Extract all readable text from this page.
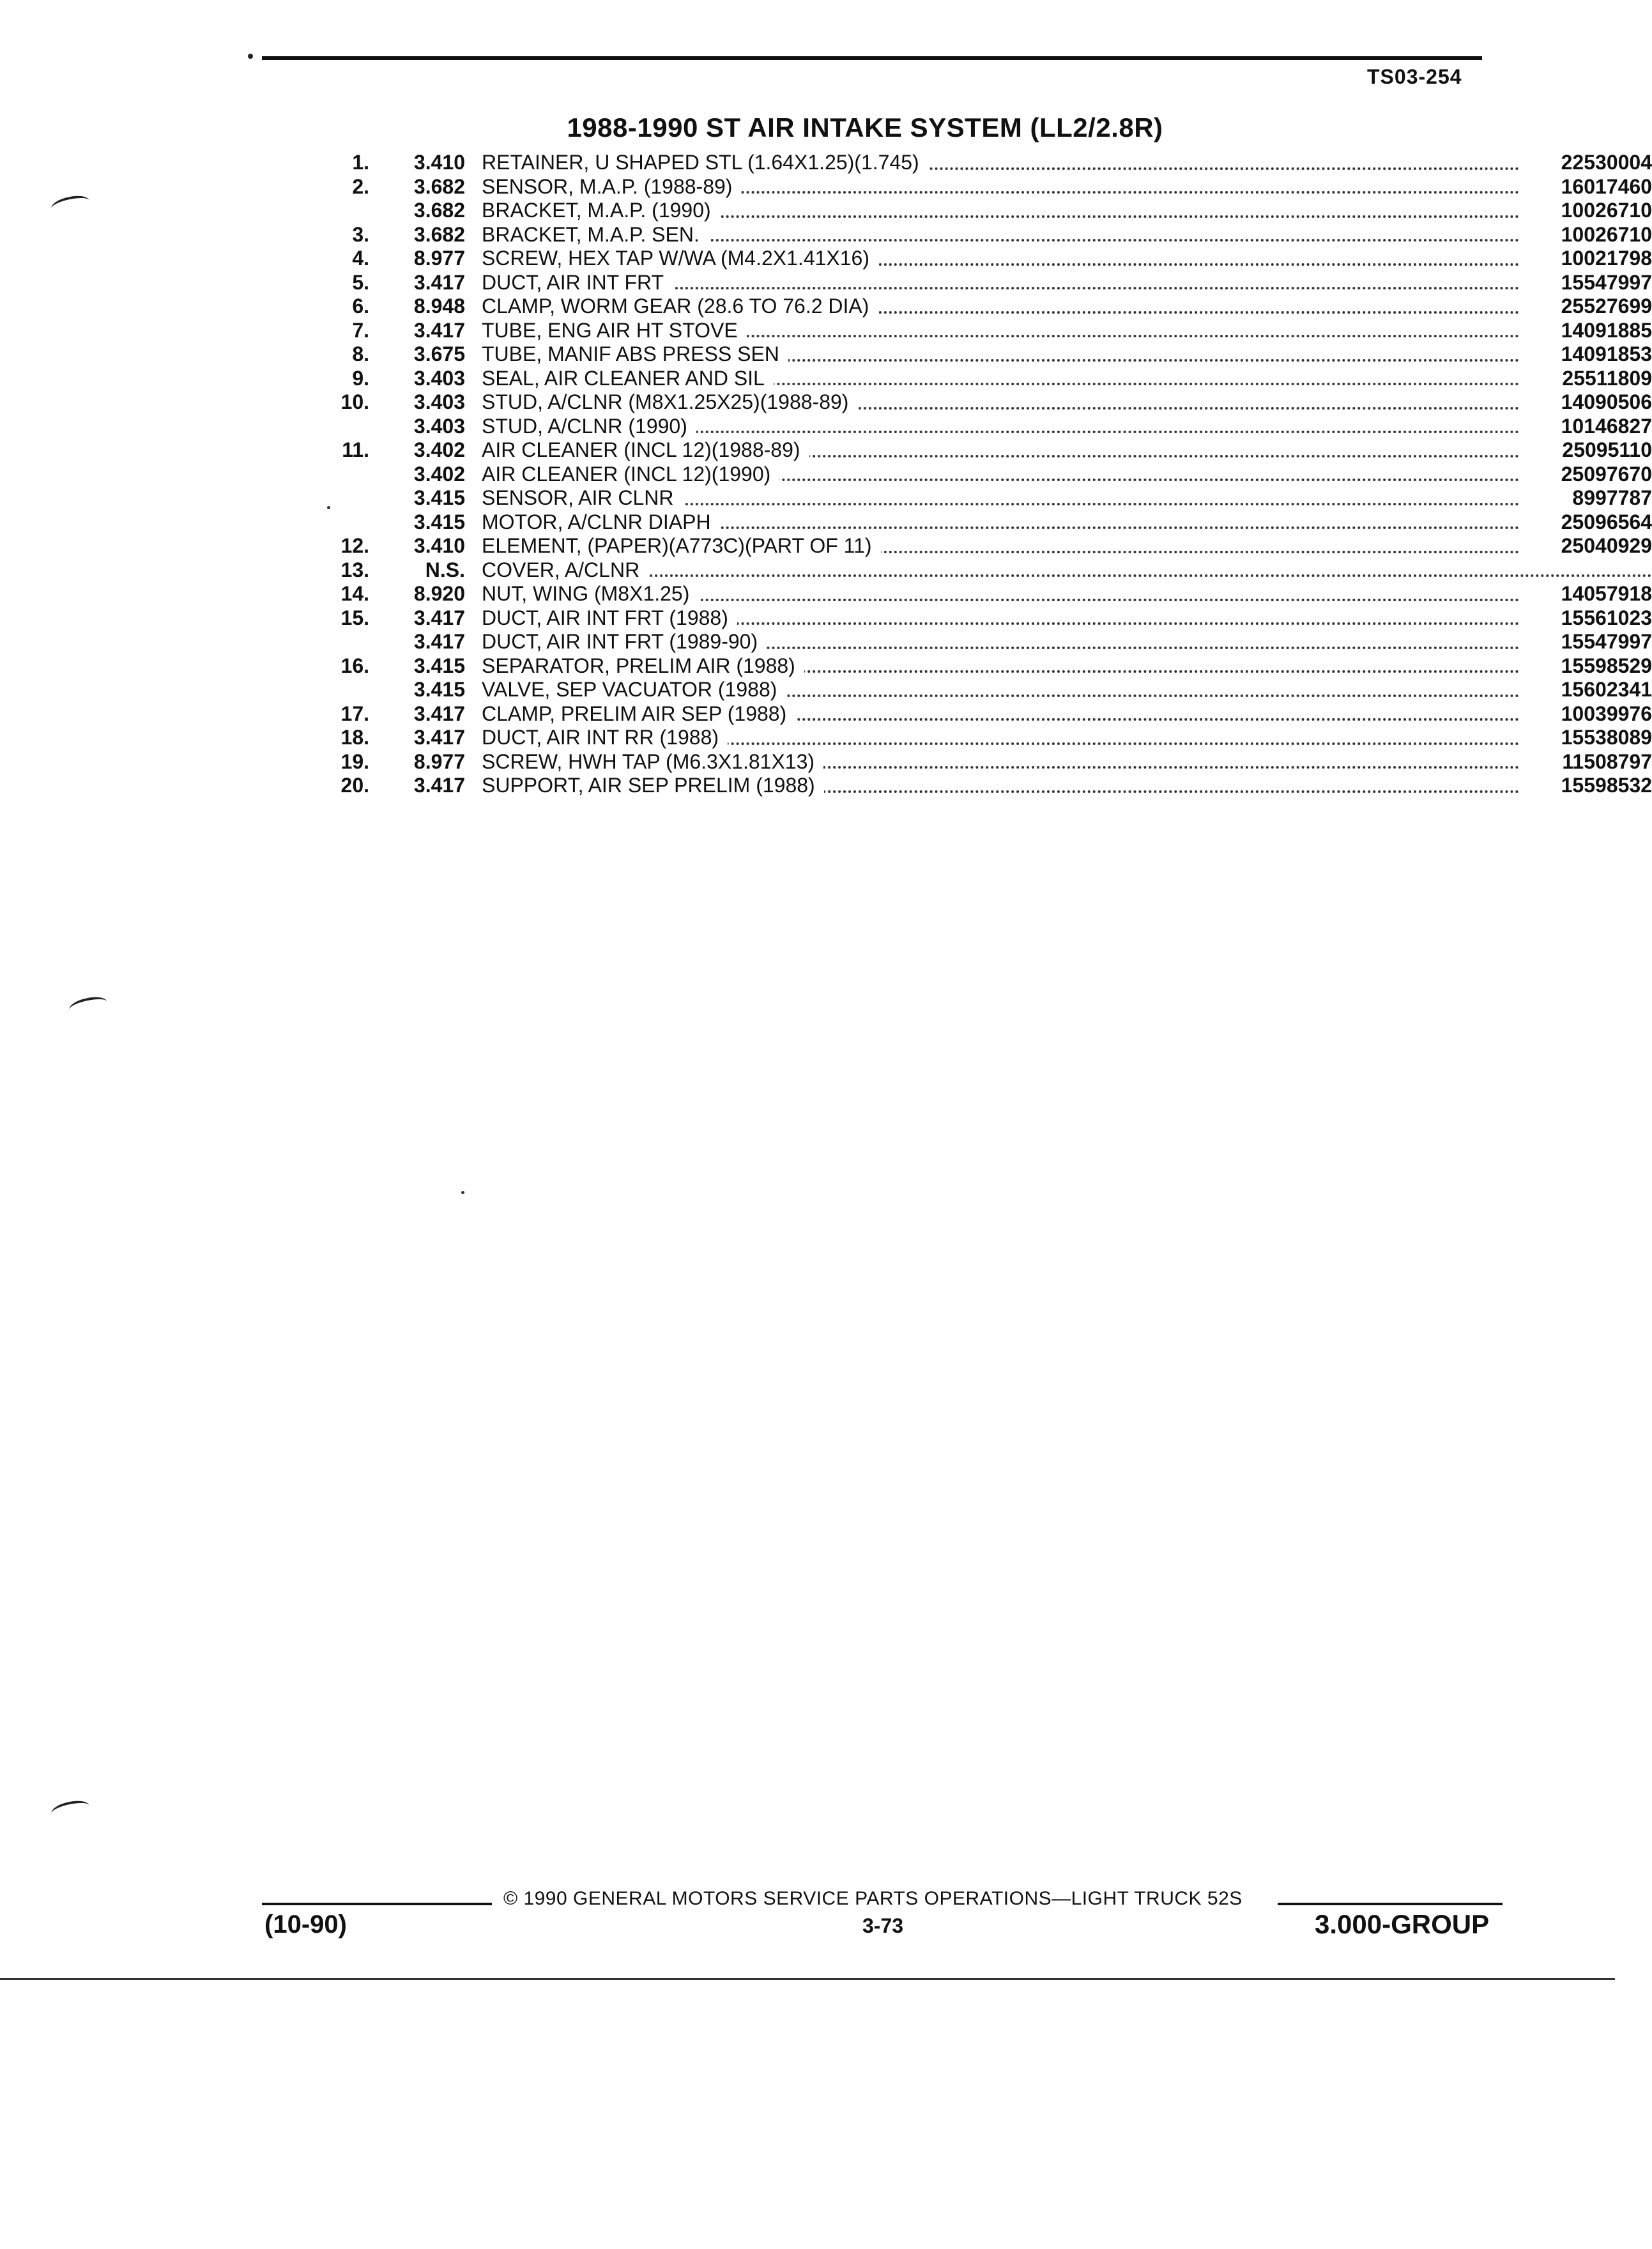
TS03-254
1988-1990 ST AIR INTAKE SYSTEM (LL2/2.8R)
1.	3.410 RETAINER, U SHAPED STL (1.64X1.25)(1.745)	22530004
2.	3.682 SENSOR, M.A.P. (1988-89)	16017460
3.682 BRACKET, M.A.P. (1990)	10026710
3.	3.682 BRACKET, M.A.P. SEN.	10026710
4.	8.977 SCREW, HEX TAP W/WA (M4.2X1.41X16)	10021798
5.	3.417 DUCT, AIR INT FRT	15547997
6.	8.948 CLAMP, WORM GEAR (28.6 TO 76.2 DIA)	25527699
7.	3.417 TUBE, ENG AIR HT STOVE	14091885
8.	3.675 TUBE, MANIF ABS PRESS SEN	14091853
9.	3.403 SEAL, AIR CLEANER AND SIL	25511809
10.	3.403 STUD, A/CLNR (M8X1.25X25)(1988-89)	14090506
3.403 STUD, A/CLNR (1990)	10146827
11.	3.402 AIR CLEANER (INCL 12)(1988-89)	25095110
3.402 AIR CLEANER (INCL 12)(1990)	25097670
3.415 SENSOR, AIR CLNR	8997787
3.415 MOTOR, A/CLNR DIAPH	25096564
12.	3.410 ELEMENT, (PAPER)(A773C)(PART OF 11)	25040929
13.	N.S. COVER, A/CLNR
14.	8.920 NUT, WING (M8X1.25)	14057918
15.	3.417 DUCT, AIR INT FRT (1988)	15561023
3.417 DUCT, AIR INT FRT (1989-90)	15547997
16.	3.415 SEPARATOR, PRELIM AIR (1988)	15598529
3.415 VALVE, SEP VACUATOR (1988)	15602341
17.	3.417 CLAMP, PRELIM AIR SEP (1988)	10039976
18.	3.417 DUCT, AIR INT RR (1988)	15538089
19.	8.977 SCREW, HWH TAP (M6.3X1.81X13)	11508797
20.	3.417 SUPPORT, AIR SEP PRELIM (1988)	15598532
© 1990 GENERAL MOTORS SERVICE PARTS OPERATIONS—LIGHT TRUCK 52S
(10-90)	3-73	3.000-GROUP
